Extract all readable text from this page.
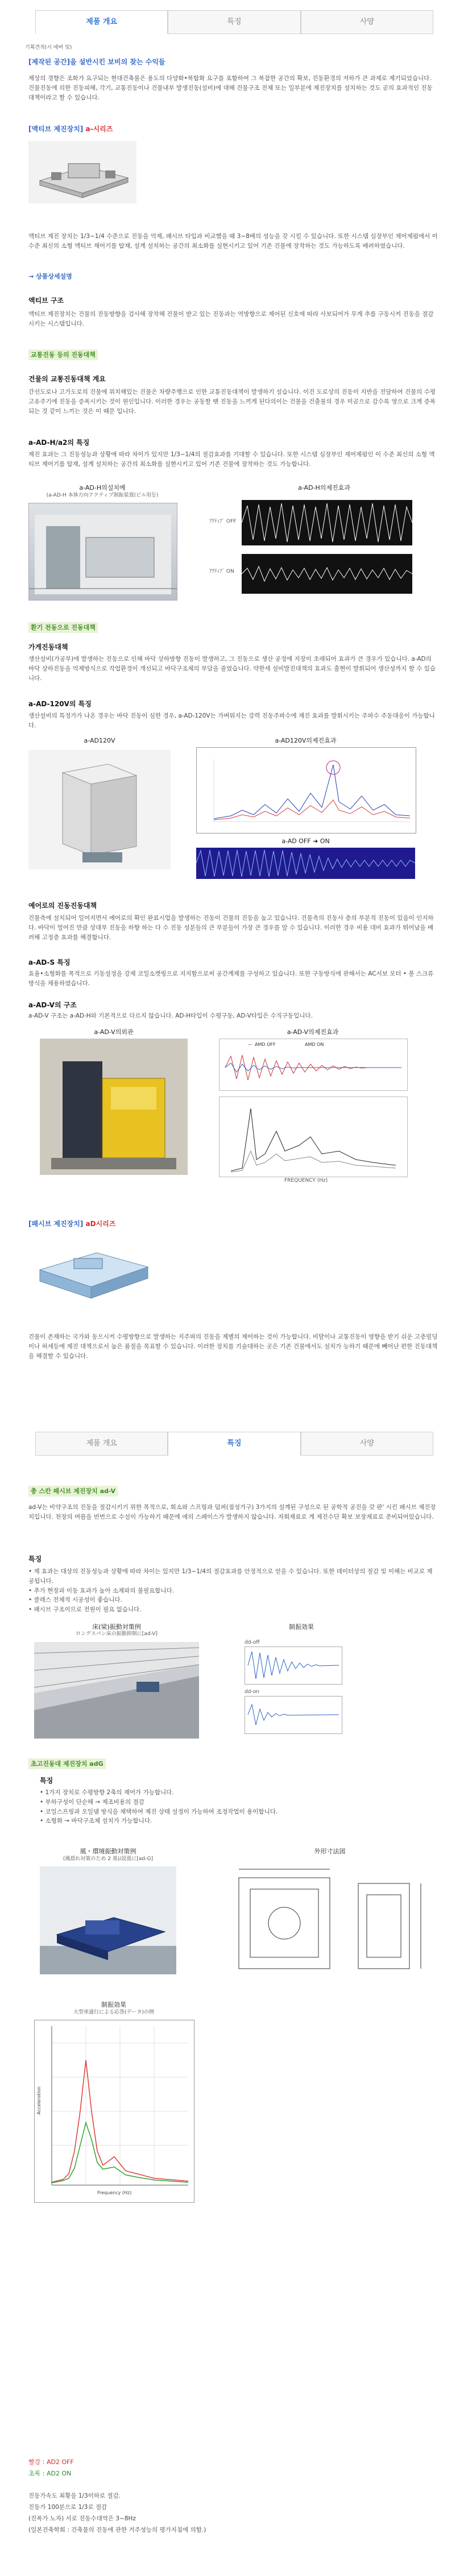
제품 개요	특징	사양
기획견적(시 에버 및)
[제작된 공간]을 설반시킨 보비의 찾는 수익들
제상의 경향은 조화가 요구되는 현대건축물은 용도의 다양화•복합화 요구를 포함하여 그 복잡한 공간의 확보, 진동환경의 저하가 큰 과제로 제기되었습니다. 건물진동에 의한 진동피해, 각기, 교통진동이나 건물내부 발생진동(설비)에 대해 건물구조 전체 또는 일부분에 제진장치를 설치하는 것도 곧의 효과적인 진동대책이라고 할 수 있습니다.
[액티브 제진장치] a-시리즈
액티브 제진 장치는 1/3~1/4 수준으로 진동을 억제, 패시브 타입과 비교했을 때 3~8배의 성능을 갖 시킬 수 있습니다. 또한 시스템 심장부인 제어제펌에서 이 수준 최신의 소형 액티브 제어기를 탑재, 설계 설치하는 공간의 최소화를 실현시키고 있어 기존 건물에 장착하는 것도 가능하도록 배려하였습니다.
→ 상품상세설명
액티브 구조
액티브 제진장치는 건물의 진동방향을 검사해 장착해 건물이 받고 있는 진동과는 역방향으로 제어된 신호에 따라 사보되어가 무게 추를 구동시켜 진동을 절감시키는 시스템입니다.
교통진동 등의 진동대책
건물의 교통진동대책 계요
간선도로나 고가도로의 건물에 위치해있는 건물은 차량주행으로 인한 교통진동대책이 발생하기 설습니다. 이건 도로상의 진동이 지반을 전달하여 건물의 수평 고유주기에 진동을 증폭시키는 것이 원인입니다. 이러한 경우는 공동할 땐 진동을 느끼게 된다의이는 건물을 건출물의 경우 미곧으로 감수록 영으로 크게 증폭되는 것 같이 느끼는 것은 이 때문 입니다.
a-AD-H/a2의 특징
제진 효과는 그 진동성능과 상황에 따라 차이가 있지만 1/3~1/4의 절감효과를 기대할 수 있습니다. 또한 시스템 심장부인 제어제펌인 이 수준 최신의 소형 액티브 제어기를 탑재, 설계 설치하는 공간의 최소화를 실현시키고 있어 기존 건물에 장착하는 것도 가능합니다.
a-AD-H의설치예
(a-AD-H 本体方向アクティブ制振装置(ビル用등)
a-AD-H의제진효과
ｱｸﾃｨﾌﾞ OFF
ｱｸﾃｨﾌﾞ ON
환기 전동으로 진동대책
가게진동대책
생산설비(가공부)에 발생하는 진동으로 인해 바닥 상하방향 진동이 발생하고, 그 진동으로 생산 공정에 지장이 초래되어 효과가 큰 경우가 있습니다. a-AD의 바닥 상하진동을 억제방식으로 작업환경이 개선되고 바닥구조체의 부담을 줄였습니다. 약한세 설비발진대책의 효과도 출현이 발휘되어 생산성까지 할 수 있습니다.
a-AD-120V의 특징
생산설비의 특정가가 나온 경우는 바닥 진동이 심한 경우, a-AD-120V는 가벼워지는 강력 진동주파수에 재진 효과를 발휘시키는 주파수 주동대응이 가능합니다.
a-AD120V	a-AD120V의제진효과
a-AD OFF ➜ ON
예어로의 진동진동대책
건물측에 설치되어 일어지면서 예어로의 확인 완료시업을 발생하는 진동이 건물의 진동을 높고 있습니다. 건물측의 진동사 층의 부분적 진동이 있음이 인지하다. 바닥이 멀어진 만큼 상대부 진동을 하향 하는 다 수 진동 성분들의 큰 부분들이 가장 큰 경우를 알 수 있습니다. 이러한 경우 비용 대비 효과가 뛰어남을 배려해 고정층 효과를 해결합니다.
a-AD-S 특징
효율•소형화를 목적으로 기동설정을 강제 코일소켓링으로 지지함으로써 공간계제를 구성하고 있습니다. 또한 구동방식에 관해서는 AC서보 모터 • 볼 스크류방식을 채용하였습니다.
a-AD-V의 구조
a-AD-V 구조는 a-AD-H와 기본적으로 다르지 않습니다. AD-H타입이 수평구동, AD-V타입은 수직구동입니다.
a-AD-V의외관	a-AD-V의제진효과
— AMD OFF	AMD ON
FREQUENCY (Hz)
[패시브 제진장치] aD시리즈
건물이 존재하는 국가와 동으시켜 수평방향으로 발생하는 지주파의 진동을 제별의 제어하는 것이 가능합니다. 비탈이나 교통진동이 영향을 받기 쉬운 고층빌딩이나 허세등에 제진 대책으로서 높은 품질을 목표할 수 있습니다. 이러한 장치를 기술대하는 곳은 기존 건물에서도 설치가 능하기 때문에 빼어난 편한 진동대책을 해결할 수 있습니다.
제품 개요	특징	사양
충 스칸 패시브 제진장치 ad-V
ad-V는 비약구조의 진동을 절감시키기 위한 목적으로, 회소와 스프링과 덤퍼(점성가구) 3가지의 설계된 구성으로 된 공학적 공진을 갖 판' 시킨 패시브 제진장치입니다. 천장의 여름을 빈번으로 수설이 가능하기 때문에 애의 스페이스가 발생하지 않습니다. 자회재료로 게 제진수단 확보 보장재료로 준비되어있습니다.
특징
• 제 효과는 대상의 진동성능과 상황에 따라 차이는 있지만 1/3~1/4의 절감효과를 안정적으로 얻을 수 있습니다. 또한 데이터상의 절감 및 이해는 비교로 제공됩니다.
• 추가 현장과 이동 효과가 높아 소재와의 불필요합니다.
• 클래스 전체적 시공성이 좋습니다.
• 패시브 구조이므로 전원이 필요 없습니다.
床(梁)振動対策例
ロングスパン床の振動抑制に[ad-V]
制振効果
dd-off
dd-on
초고진동대 제진장치 adG
특징
• 1가지 장치로 수평방향 2축의 제어가 가능합니다.
• 부하구성이 단순해 → 제조비용의 절감
• 코일스프링과 오일댐 방식을 채택하여 제진 상태 설정이 가능하여 조정작업이 용이합니다.
• 소형화 → 바닥구조체 설치가 가능합니다.
風・環境振動対策例
(風揺れ対策のため 2 基)/設置に[ad-G]
外形寸法図
制振効果
大型車通行による応答(データ)の例
Acceleration
Frequency (Hz)
빨강 : AD2 OFF
초록 : AD2 ON
진동가속도 최황을 1/3이하로 절감.
진동가 100분으로 1/3로 절감
(진폭가 노자) 서로 진동수대역은 3~8Hz
(일본건축학회 : 건축물의 진동에 관한 거주성능의 평가지침에 의함.)
